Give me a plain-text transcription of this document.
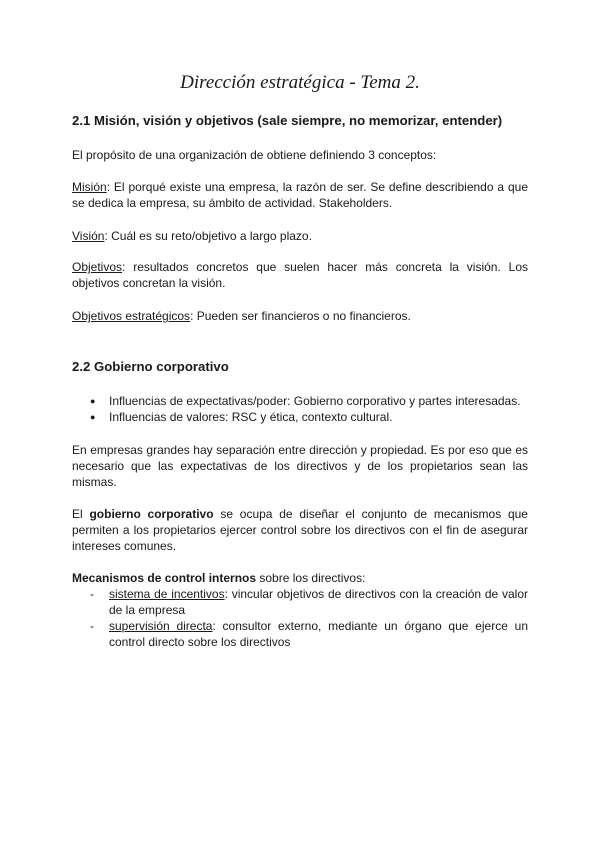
Dirección estratégica - Tema 2.
2.1 Misión, visión y objetivos (sale siempre, no memorizar, entender)
El propósito de una organización de obtiene definiendo 3 conceptos:
Misión: El porqué existe una empresa, la razón de ser. Se define describiendo a que se dedica la empresa, su ámbito de actividad. Stakeholders.
Visión: Cuál es su reto/objetivo a largo plazo.
Objetivos: resultados concretos que suelen hacer más concreta la visión. Los objetivos concretan la visión.
Objetivos estratégicos: Pueden ser financieros o no financieros.
2.2 Gobierno corporativo
● Influencias de expectativas/poder: Gobierno corporativo y partes interesadas.
● Influencias de valores: RSC y ética, contexto cultural.
En empresas grandes hay separación entre dirección y propiedad. Es por eso que es necesario que las expectativas de los directivos y de los propietarios sean las mismas.
El gobierno corporativo se ocupa de diseñar el conjunto de mecanismos que permiten a los propietarios ejercer control sobre los directivos con el fin de asegurar intereses comunes.
Mecanismos de control internos sobre los directivos:
- sistema de incentivos: vincular objetivos de directivos con la creación de valor de la empresa
- supervisión directa: consultor externo, mediante un órgano que ejerce un control directo sobre los directivos
